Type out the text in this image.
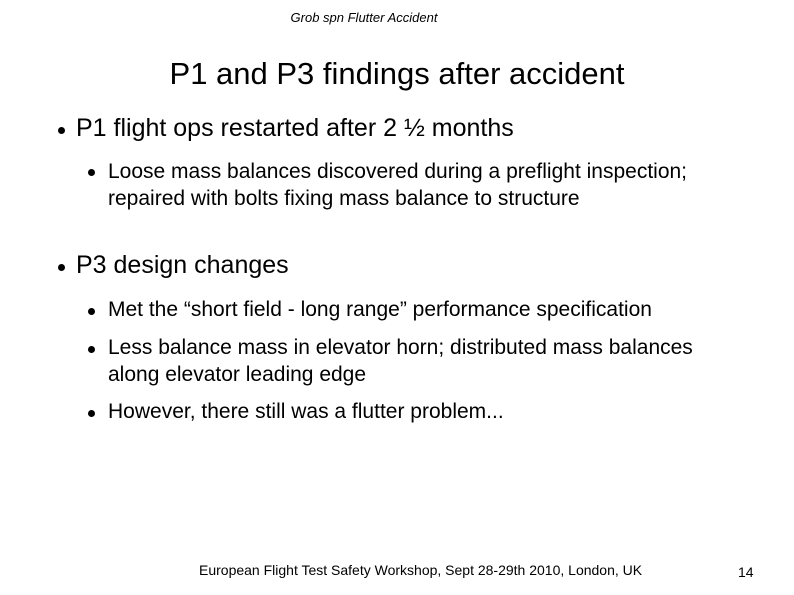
Grob spn Flutter Accident
P1 and P3 findings after accident
P1 flight ops restarted after 2 ½ months
Loose mass balances discovered during a preflight inspection; repaired with bolts fixing mass balance to structure
P3 design changes
Met the “short field - long range” performance specification
Less balance mass in elevator horn; distributed mass balances along elevator leading edge
However, there still was a flutter problem...
European Flight Test Safety Workshop, Sept 28-29th 2010, London, UK	14
